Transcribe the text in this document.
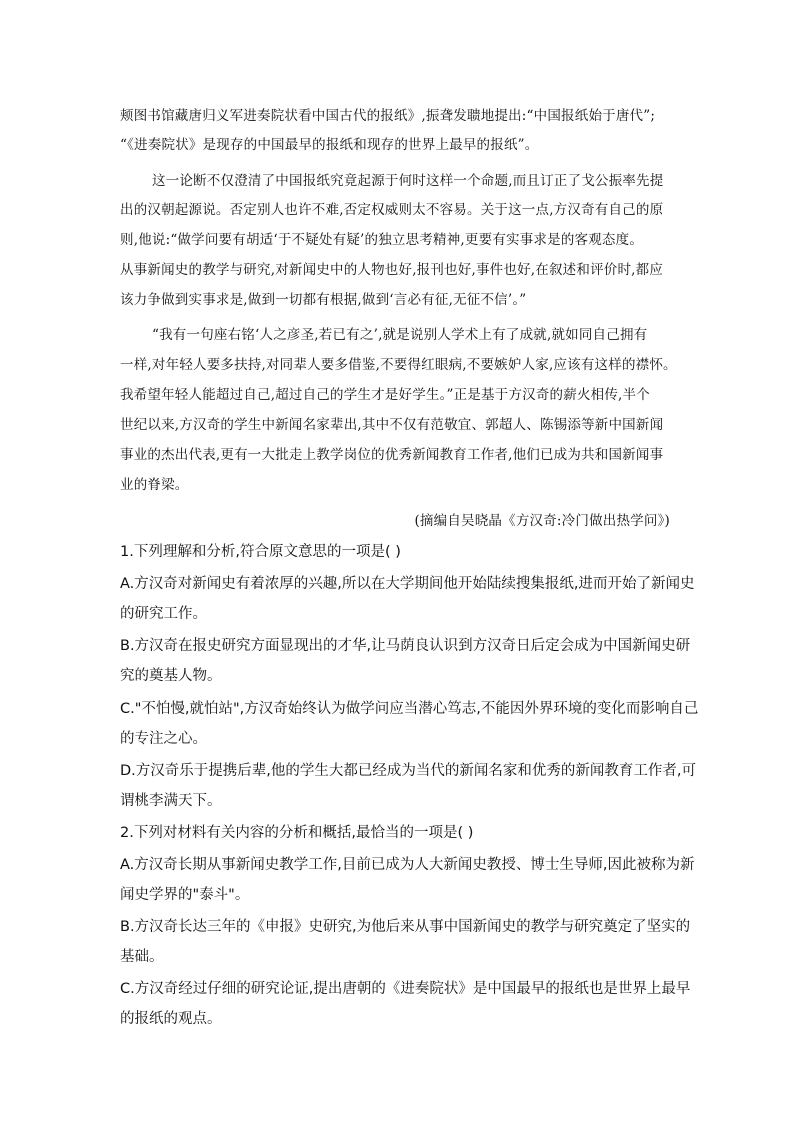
颊图书馆藏唐归义军进奏院状看中国古代的报纸》,振聋发聩地提出:“中国报纸始于唐代”;
“《进奏院状》是现存的中国最早的报纸和现存的世界上最早的报纸”。
这一论断不仅澄清了中国报纸究竟起源于何时这样一个命题,而且订正了戈公振率先提
出的汉朝起源说。否定别人也许不难,否定权威则太不容易。关于这一点,方汉奇有自己的原
则,他说:“做学问要有胡适‘于不疑处有疑’的独立思考精神,更要有实事求是的客观态度。
从事新闻史的教学与研究,对新闻史中的人物也好,报刊也好,事件也好,在叙述和评价时,都应
该力争做到实事求是,做到一切都有根据,做到‘言必有征,无征不信’。”
“我有一句座右铭‘人之彦圣,若已有之’,就是说别人学术上有了成就,就如同自己拥有
一样,对年轻人要多扶持,对同辈人要多借鉴,不要得红眼病,不要嫉妒人家,应该有这样的襟怀。
我希望年轻人能超过自己,超过自己的学生才是好学生。”正是基于方汉奇的薪火相传,半个
世纪以来,方汉奇的学生中新闻名家辈出,其中不仅有范敬宜、郭超人、陈锡添等新中国新闻
事业的杰出代表,更有一大批走上教学岗位的优秀新闻教育工作者,他们已成为共和国新闻事
业的脊梁。
(摘编自吴晓晶《方汉奇:冷门做出热学问》)
1.下列理解和分析,符合原文意思的一项是( )
A.方汉奇对新闻史有着浓厚的兴趣,所以在大学期间他开始陆续搜集报纸,进而开始了新闻史
的研究工作。
B.方汉奇在报史研究方面显现出的才华,让马荫良认识到方汉奇日后定会成为中国新闻史研
究的奠基人物。
C."不怕慢,就怕站",方汉奇始终认为做学问应当潜心笃志,不能因外界环境的变化而影响自己
的专注之心。
D.方汉奇乐于提携后辈,他的学生大都已经成为当代的新闻名家和优秀的新闻教育工作者,可
谓桃李满天下。
2.下列对材料有关内容的分析和概括,最恰当的一项是( )
A.方汉奇长期从事新闻史教学工作,目前已成为人大新闻史教授、博士生导师,因此被称为新
闻史学界的"泰斗"。
B.方汉奇长达三年的《申报》史研究,为他后来从事中国新闻史的教学与研究奠定了坚实的
基础。
C.方汉奇经过仔细的研究论证,提出唐朝的《进奏院状》是中国最早的报纸也是世界上最早
的报纸的观点。
